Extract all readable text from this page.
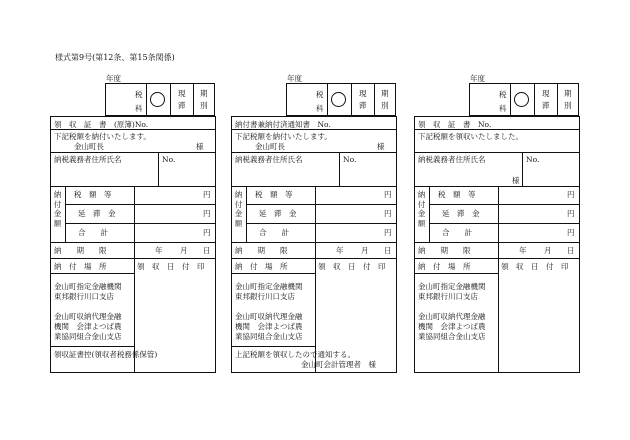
様式第9号(第12条、第15条関係)
年度
税
科
現
滞
期
別
領　収　証　書　(原簿)No.
下記税額を納付いたします。
金山町長	様
納税義務者住所氏名	No.
納
付
金
額
税　額　等	円
延　滞　金	円
合　　計	円
納　　期　　限	年 月 日
納　付　場　所	領　収　日　付　印
金山町指定金融機関
東邦銀行川口支店
金山町収納代理金融
機関　会津よつば農
業協同組合金山支店
領収証書控(領収者税務係保管)
年度
税
科
現
滞
期
別
納付書兼納付済通知書　No.
下記税額を納付いたします。
金山町長	様
納税義務者住所氏名	No.
納
付
金
額
税　額　等	円
延　滞　金	円
合　　計	円
納　　期　　限	年 月 日
納　付　場　所	領　収　日　付　印
金山町指定金融機関
東邦銀行川口支店
金山町収納代理金融
機関　会津よつば農
業協同組合金山支店
上記税額を領収したので通知する。
金山町会計管理者　様
年度
税
科
現
滞
期
別
領　収　証　書　No.
下記税額を領収いたしました。
納税義務者住所氏名	No.
納
付
金
額
税　額　等	円
延　滞　金	円
合　　計	円
納　　期　　限	年 月 日
納　付　場　所	領　収　日　付　印
金山町指定金融機関
東邦銀行川口支店
金山町収納代理金融
機関　会津よつば農
業協同組合金山支店
様
